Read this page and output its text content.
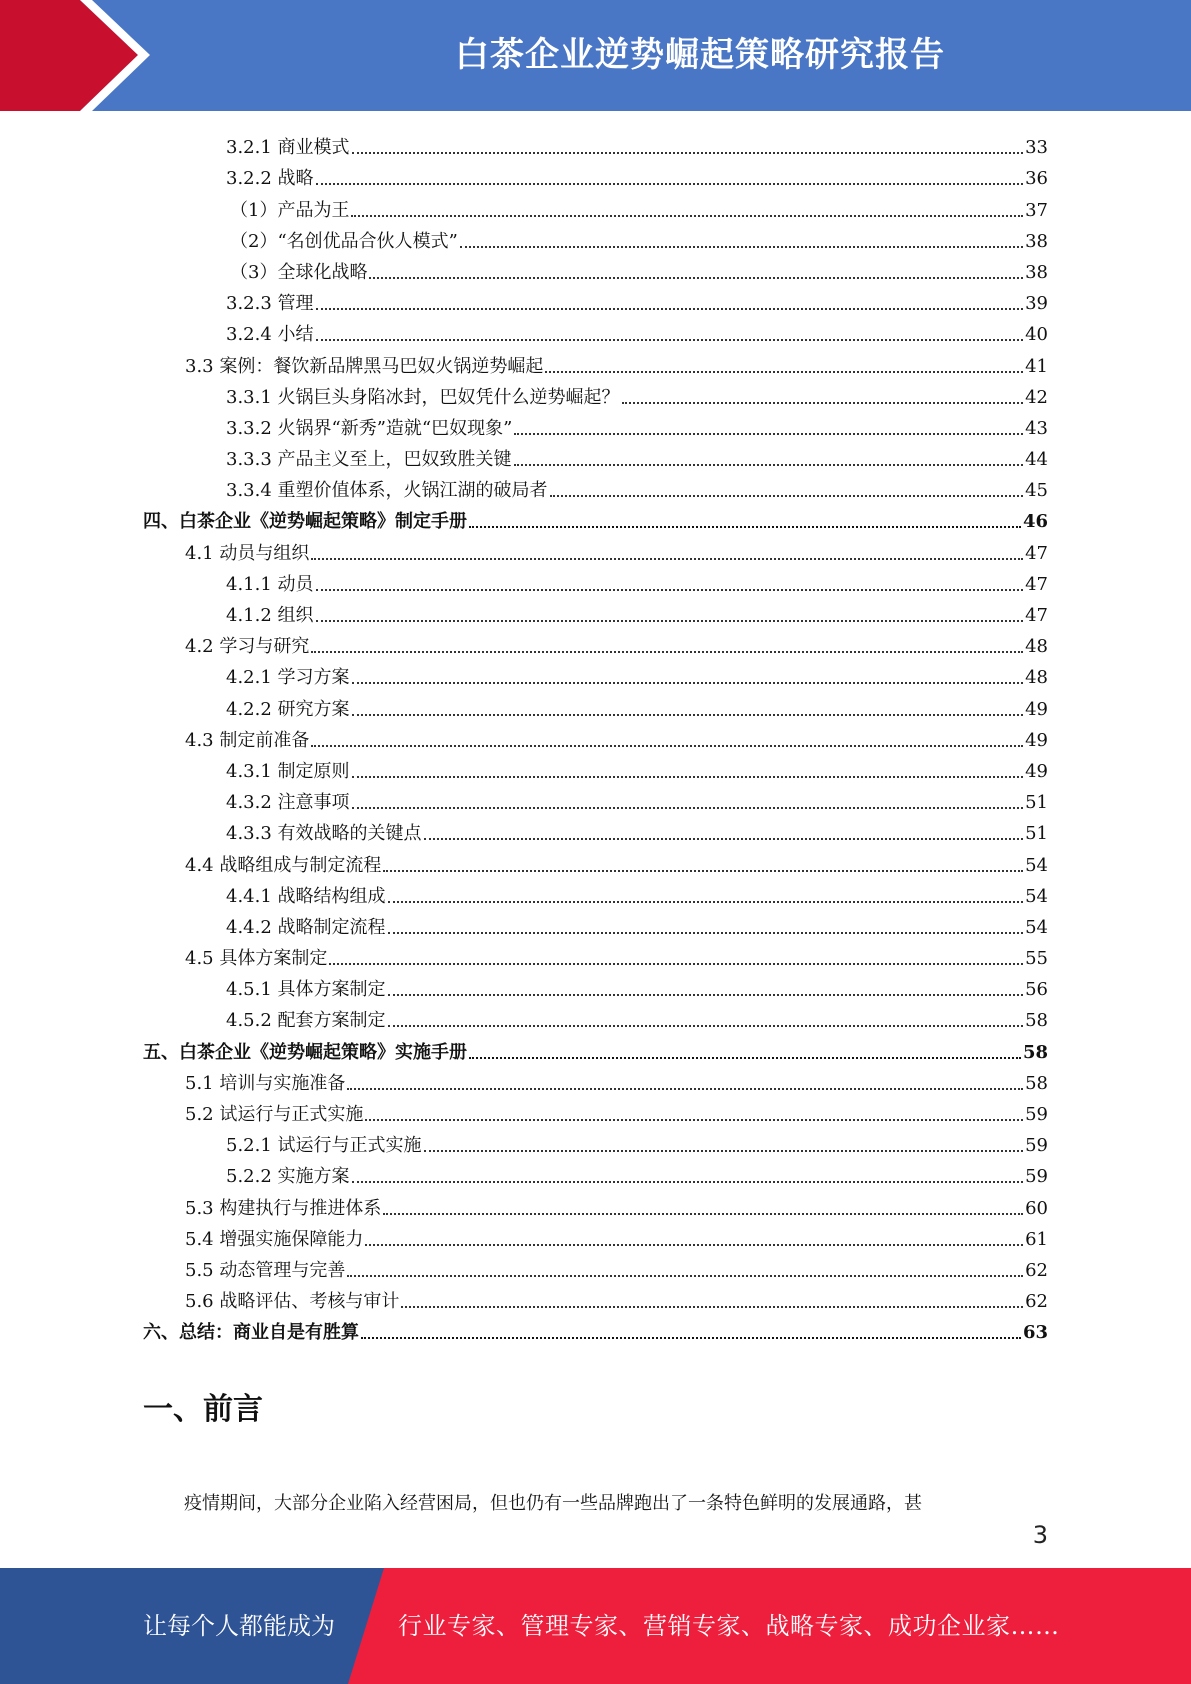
白茶企业逆势崛起策略研究报告
3.2.1 商业模式	33
3.2.2 战略	36
（1）产品为王	37
（2）“名创优品合伙人模式”	38
（3）全球化战略	38
3.2.3 管理	39
3.2.4 小结	40
3.3 案例：餐饮新品牌黑马巴奴火锅逆势崛起	41
3.3.1 火锅巨头身陷冰封，巴奴凭什么逆势崛起？	42
3.3.2 火锅界“新秀”造就“巴奴现象”	43
3.3.3 产品主义至上，巴奴致胜关键	44
3.3.4 重塑价值体系，火锅江湖的破局者	45
四、白茶企业《逆势崛起策略》制定手册	46
4.1 动员与组织	47
4.1.1 动员	47
4.1.2 组织	47
4.2 学习与研究	48
4.2.1 学习方案	48
4.2.2 研究方案	49
4.3 制定前准备	49
4.3.1 制定原则	49
4.3.2 注意事项	51
4.3.3 有效战略的关键点	51
4.4 战略组成与制定流程	54
4.4.1 战略结构组成	54
4.4.2 战略制定流程	54
4.5 具体方案制定	55
4.5.1 具体方案制定	56
4.5.2 配套方案制定	58
五、白茶企业《逆势崛起策略》实施手册	58
5.1 培训与实施准备	58
5.2 试运行与正式实施	59
5.2.1 试运行与正式实施	59
5.2.2 实施方案	59
5.3 构建执行与推进体系	60
5.4 增强实施保障能力	61
5.5 动态管理与完善	62
5.6 战略评估、考核与审计	62
六、总结：商业自是有胜算	63
一、前言
疫情期间，大部分企业陷入经营困局，但也仍有一些品牌跑出了一条特色鲜明的发展通路，甚
3
让每个人都能成为	行业专家、管理专家、营销专家、战略专家、成功企业家……
